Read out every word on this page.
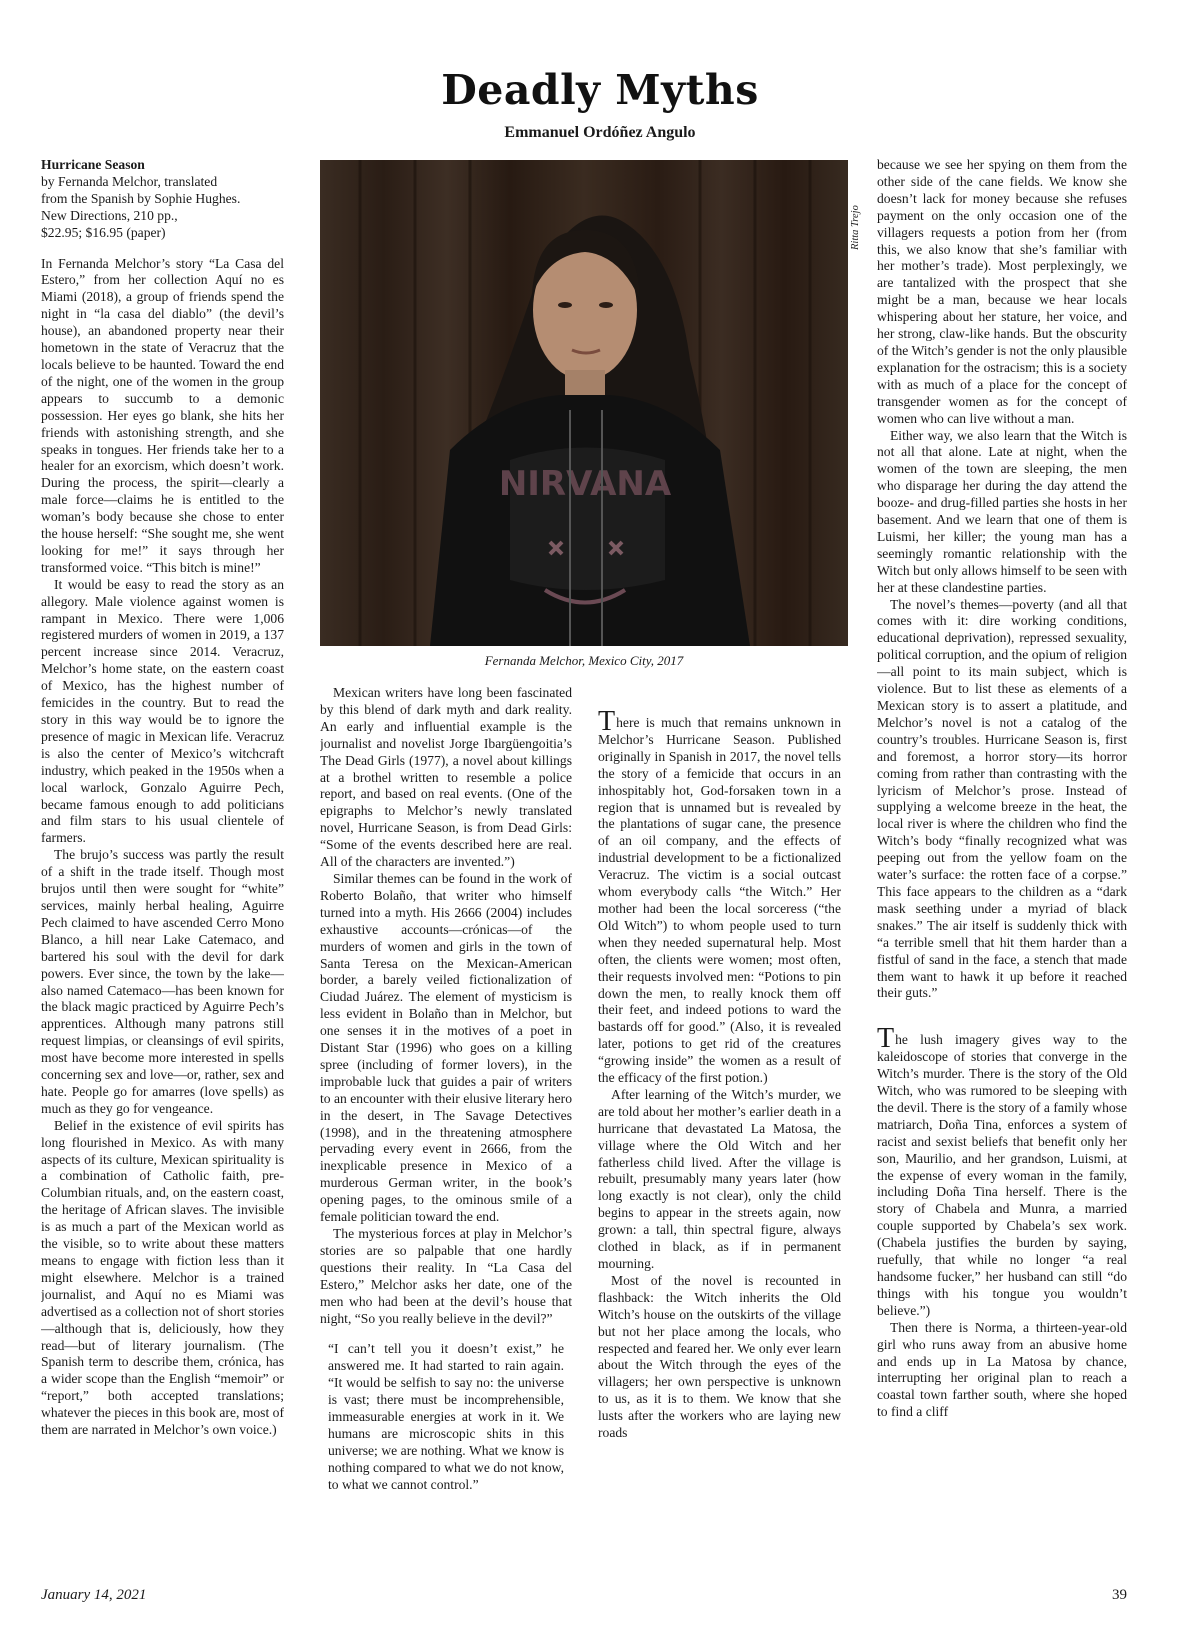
Deadly Myths
Emmanuel Ordóñez Angulo
Hurricane Season
by Fernanda Melchor, translated
from the Spanish by Sophie Hughes.
New Directions, 210 pp.,
$22.95; $16.95 (paper)

In Fernanda Melchor’s story “La Casa del Estero,” from her collection Aquí no es Miami (2018), a group of friends spend the night in “la casa del diablo” (the devil’s house), an abandoned property near their hometown in the state of Veracruz that the locals believe to be haunted. Toward the end of the night, one of the women in the group appears to succumb to a demonic possession. Her eyes go blank, she hits her friends with astonishing strength, and she speaks in tongues. Her friends take her to a healer for an exorcism, which doesn’t work. During the process, the spirit—clearly a male force—claims he is entitled to the woman’s body because she chose to enter the house herself: “She sought me, she went looking for me!” it says through her transformed voice. “This bitch is mine!”

It would be easy to read the story as an allegory. Male violence against women is rampant in Mexico. There were 1,006 registered murders of women in 2019, a 137 percent increase since 2014. Veracruz, Melchor’s home state, on the eastern coast of Mexico, has the highest number of femicides in the country. But to read the story in this way would be to ignore the presence of magic in Mexican life. Veracruz is also the center of Mexico’s witchcraft industry, which peaked in the 1950s when a local warlock, Gonzalo Aguirre Pech, became famous enough to add politicians and film stars to his usual clientele of farmers.

The brujo’s success was partly the result of a shift in the trade itself. Though most brujos until then were sought for “white” services, mainly herbal healing, Aguirre Pech claimed to have ascended Cerro Mono Blanco, a hill near Lake Catemaco, and bartered his soul with the devil for dark powers. Ever since, the town by the lake—also named Catemaco—has been known for the black magic practiced by Aguirre Pech’s apprentices. Although many patrons still request limpias, or cleansings of evil spirits, most have become more interested in spells concerning sex and love—or, rather, sex and hate. People go for amarres (love spells) as much as they go for vengeance.

Belief in the existence of evil spirits has long flourished in Mexico. As with many aspects of its culture, Mexican spirituality is a combination of Catholic faith, pre-Columbian rituals, and, on the eastern coast, the heritage of African slaves. The invisible is as much a part of the Mexican world as the visible, so to write about these matters means to engage with fiction less than it might elsewhere. Melchor is a trained journalist, and Aquí no es Miami was advertised as a collection not of short stories—although that is, deliciously, how they read—but of literary journalism. (The Spanish term to describe them, crónica, has a wider scope than the English “memoir” or “report,” both accepted translations; whatever the pieces in this book are, most of them are narrated in Melchor’s own voice.)

NIRVANA
Ritta Trejo
Fernanda Melchor, Mexico City, 2017

Mexican writers have long been fascinated by this blend of dark myth and dark reality. An early and influential example is the journalist and novelist Jorge Ibargüengoitia’s The Dead Girls (1977), a novel about killings at a brothel written to resemble a police report, and based on real events. (One of the epigraphs to Melchor’s newly translated novel, Hurricane Season, is from Dead Girls: “Some of the events described here are real. All of the characters are invented.”)

Similar themes can be found in the work of Roberto Bolaño, that writer who himself turned into a myth. His 2666 (2004) includes exhaustive accounts—crónicas—of the murders of women and girls in the town of Santa Teresa on the Mexican-American border, a barely veiled fictionalization of Ciudad Juárez. The element of mysticism is less evident in Bolaño than in Melchor, but one senses it in the motives of a poet in Distant Star (1996) who goes on a killing spree (including of former lovers), in the improbable luck that guides a pair of writers to an encounter with their elusive literary hero in the desert, in The Savage Detectives (1998), and in the threatening atmosphere pervading every event in 2666, from the inexplicable presence in Mexico of a murderous German writer, in the book’s opening pages, to the ominous smile of a female politician toward the end.

The mysterious forces at play in Melchor’s stories are so palpable that one hardly questions their reality. In “La Casa del Estero,” Melchor asks her date, one of the men who had been at the devil’s house that night, “So you really believe in the devil?”

“I can’t tell you it doesn’t exist,” he answered me. It had started to rain again. “It would be selfish to say no: the universe is vast; there must be incomprehensible, immeasurable energies at work in it. We humans are microscopic shits in this universe; we are nothing. What we know is nothing compared to what we do not know, to what we cannot control.”

There is much that remains unknown in Melchor’s Hurricane Season. Published originally in Spanish in 2017, the novel tells the story of a femicide that occurs in an inhospitably hot, God-forsaken town in a region that is unnamed but is revealed by the plantations of sugar cane, the presence of an oil company, and the effects of industrial development to be a fictionalized Veracruz. The victim is a social outcast whom everybody calls “the Witch.” Her mother had been the local sorceress (“the Old Witch”) to whom people used to turn when they needed supernatural help. Most often, the clients were women; most often, their requests involved men: “Potions to pin down the men, to really knock them off their feet, and indeed potions to ward the bastards off for good.” (Also, it is revealed later, potions to get rid of the creatures “growing inside” the women as a result of the efficacy of the first potion.)

After learning of the Witch’s murder, we are told about her mother’s earlier death in a hurricane that devastated La Matosa, the village where the Old Witch and her fatherless child lived. After the village is rebuilt, presumably many years later (how long exactly is not clear), only the child begins to appear in the streets again, now grown: a tall, thin spectral figure, always clothed in black, as if in permanent mourning.

Most of the novel is recounted in flashback: the Witch inherits the Old Witch’s house on the outskirts of the village but not her place among the locals, who respected and feared her. We only ever learn about the Witch through the eyes of the villagers; her own perspective is unknown to us, as it is to them. We know that she lusts after the workers who are laying new roads

because we see her spying on them from the other side of the cane fields. We know she doesn’t lack for money because she refuses payment on the only occasion one of the villagers requests a potion from her (from this, we also know that she’s familiar with her mother’s trade). Most perplexingly, we are tantalized with the prospect that she might be a man, because we hear locals whispering about her stature, her voice, and her strong, claw-like hands. But the obscurity of the Witch’s gender is not the only plausible explanation for the ostracism; this is a society with as much of a place for the concept of transgender women as for the concept of women who can live without a man.

Either way, we also learn that the Witch is not all that alone. Late at night, when the women of the town are sleeping, the men who disparage her during the day attend the booze- and drug-filled parties she hosts in her basement. And we learn that one of them is Luismi, her killer; the young man has a seemingly romantic relationship with the Witch but only allows himself to be seen with her at these clandestine parties.

The novel’s themes—poverty (and all that comes with it: dire working conditions, educational deprivation), repressed sexuality, political corruption, and the opium of religion—all point to its main subject, which is violence. But to list these as elements of a Mexican story is to assert a platitude, and Melchor’s novel is not a catalog of the country’s troubles. Hurricane Season is, first and foremost, a horror story—its horror coming from rather than contrasting with the lyricism of Melchor’s prose. Instead of supplying a welcome breeze in the heat, the local river is where the children who find the Witch’s body “finally recognized what was peeping out from the yellow foam on the water’s surface: the rotten face of a corpse.” This face appears to the children as a “dark mask seething under a myriad of black snakes.” The air itself is suddenly thick with “a terrible smell that hit them harder than a fistful of sand in the face, a stench that made them want to hawk it up before it reached their guts.”

The lush imagery gives way to the kaleidoscope of stories that converge in the Witch’s murder. There is the story of the Old Witch, who was rumored to be sleeping with the devil. There is the story of a family whose matriarch, Doña Tina, enforces a system of racist and sexist beliefs that benefit only her son, Maurilio, and her grandson, Luismi, at the expense of every woman in the family, including Doña Tina herself. There is the story of Chabela and Munra, a married couple supported by Chabela’s sex work. (Chabela justifies the burden by saying, ruefully, that while no longer “a real handsome fucker,” her husband can still “do things with his tongue you wouldn’t believe.”)

Then there is Norma, a thirteen-year-old girl who runs away from an abusive home and ends up in La Matosa by chance, interrupting her original plan to reach a coastal town farther south, where she hoped to find a cliff

January 14, 2021	39
